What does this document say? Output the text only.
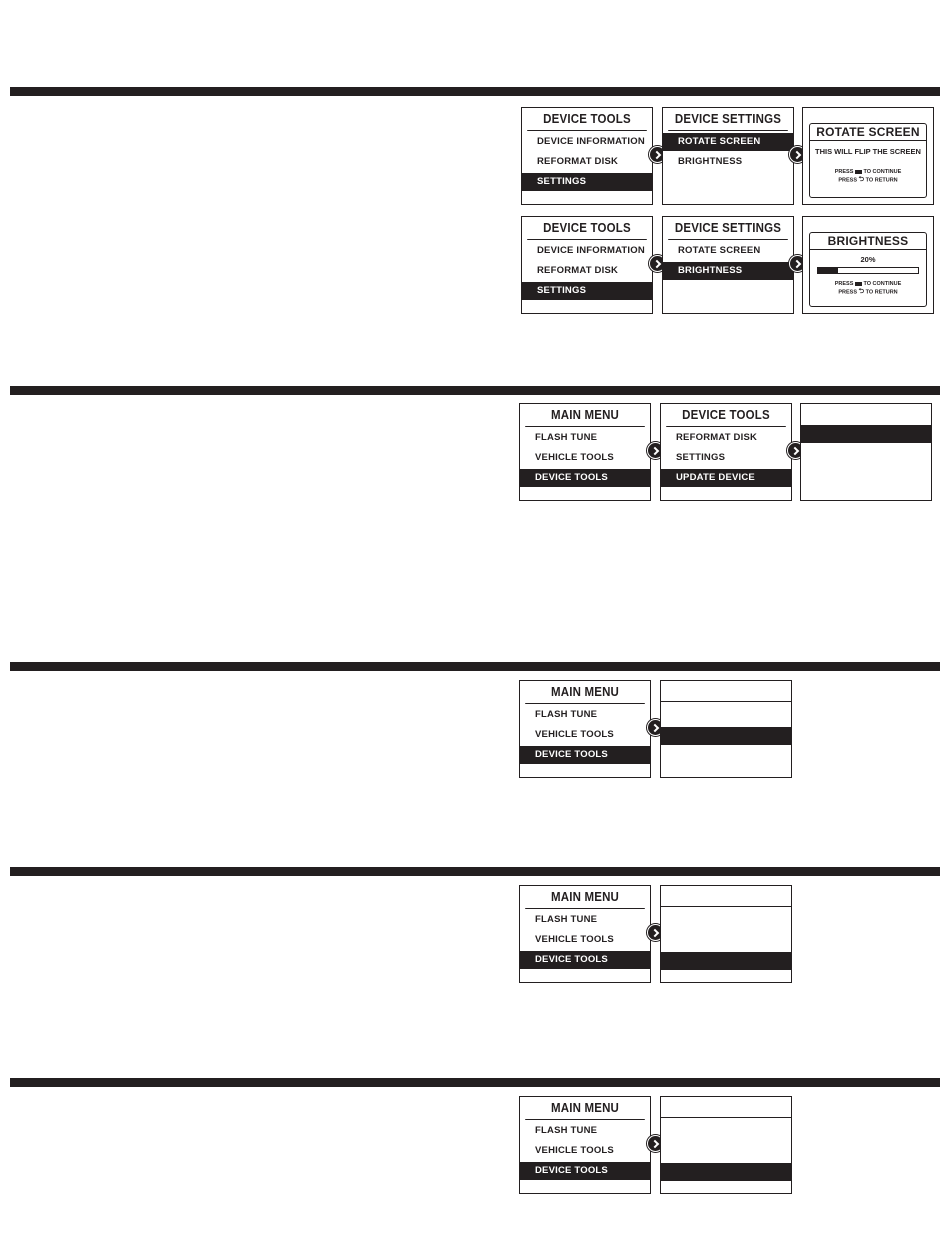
DEVICE TOOLS
DEVICE INFORMATION
REFORMAT DISK
SETTINGS
DEVICE SETTINGS
ROTATE SCREEN
BRIGHTNESS
ROTATE SCREEN
THIS WILL FLIP THE SCREEN
PRESS TO CONTINUE
PRESS ⮌ TO RETURN
DEVICE TOOLS
DEVICE INFORMATION
REFORMAT DISK
SETTINGS
DEVICE SETTINGS
ROTATE SCREEN
BRIGHTNESS
BRIGHTNESS
20%
PRESS TO CONTINUE
PRESS ⮌ TO RETURN
MAIN MENU
FLASH TUNE
VEHICLE TOOLS
DEVICE TOOLS
DEVICE TOOLS
REFORMAT DISK
SETTINGS
UPDATE DEVICE
MAIN MENU
FLASH TUNE
VEHICLE TOOLS
DEVICE TOOLS
MAIN MENU
FLASH TUNE
VEHICLE TOOLS
DEVICE TOOLS
MAIN MENU
FLASH TUNE
VEHICLE TOOLS
DEVICE TOOLS
